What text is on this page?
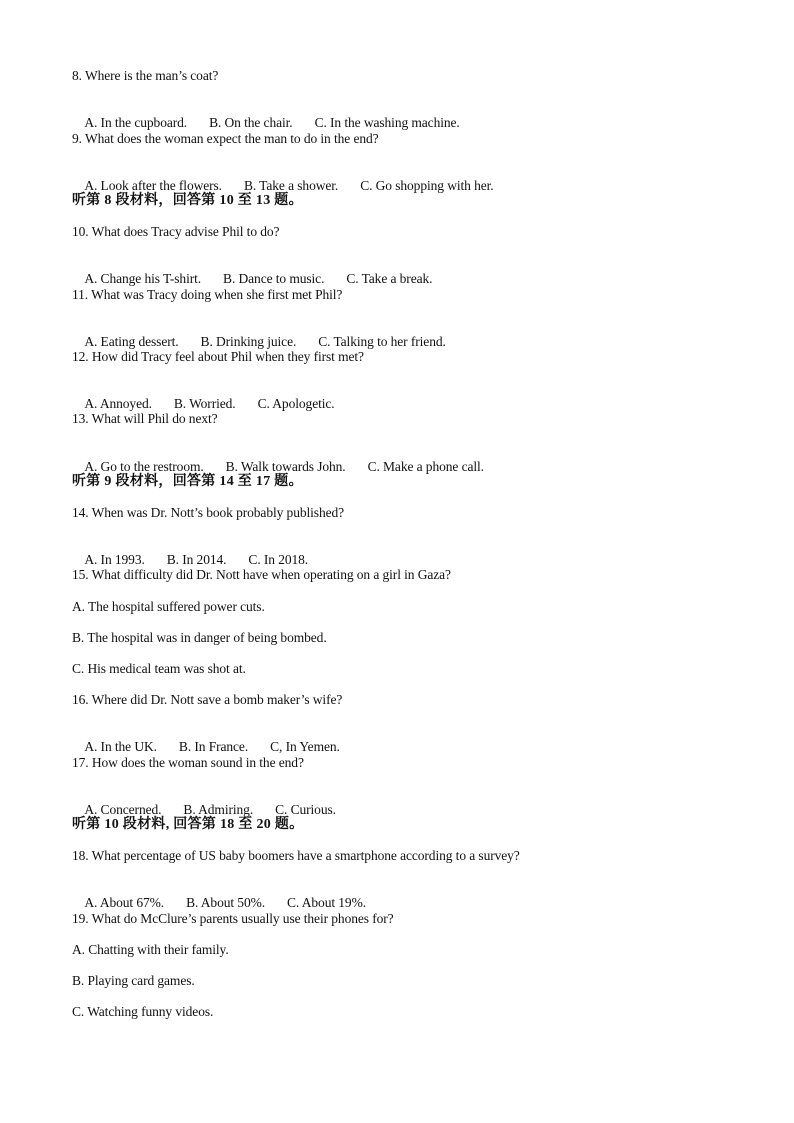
8. Where is the man’s coat?

A. In the cupboard. B. On the chair. C. In the washing machine.

9. What does the woman expect the man to do in the end?

A. Look after the flowers. B. Take a shower. C. Go shopping with her.

听第 8 段材料，回答第 10 至 13 题。
10. What does Tracy advise Phil to do?

A. Change his T-shirt. B. Dance to music. C. Take a break.

11. What was Tracy doing when she first met Phil?

A. Eating dessert. B. Drinking juice. C. Talking to her friend.

12. How did Tracy feel about Phil when they first met?

A. Annoyed. B. Worried. C. Apologetic.

13. What will Phil do next?

A. Go to the restroom. B. Walk towards John. C. Make a phone call.

听第 9 段材料，回答第 14 至 17 题。
14. When was Dr. Nott’s book probably published?

A. In 1993. B. In 2014. C. In 2018.

15. What difficulty did Dr. Nott have when operating on a girl in Gaza?
A. The hospital suffered power cuts.
B. The hospital was in danger of being bombed.
C. His medical team was shot at.
16. Where did Dr. Nott save a bomb maker’s wife?

A. In the UK. B. In France. C, In Yemen.

17. How does the woman sound in the end?

A. Concerned. B. Admiring. C. Curious.

听第 10 段材料, 回答第 18 至 20 题。
18. What percentage of US baby boomers have a smartphone according to a survey?

A. About 67%. B. About 50%. C. About 19%.

19. What do McClure’s parents usually use their phones for?
A. Chatting with their family.
B. Playing card games.
C. Watching funny videos.
